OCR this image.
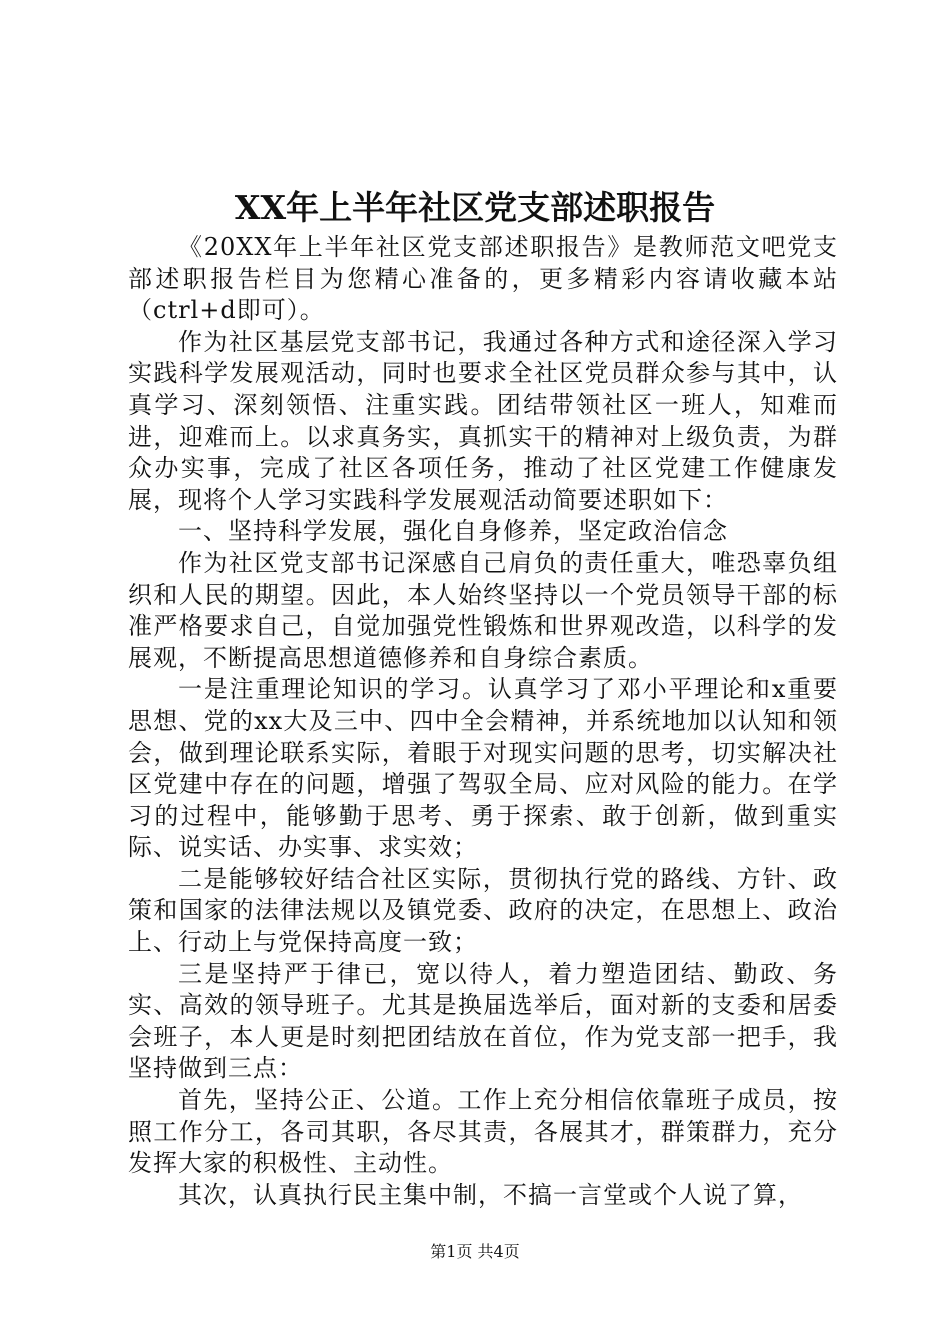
XX年上半年社区党支部述职报告

《20XX年上半年社区党支部述职报告》是教师范文吧党支部述职报告栏目为您精心准备的，更多精彩内容请收藏本站（ctrl+d即可）。

作为社区基层党支部书记，我通过各种方式和途径深入学习实践科学发展观活动，同时也要求全社区党员群众参与其中，认真学习、深刻领悟、注重实践。团结带领社区一班人，知难而进，迎难而上。以求真务实，真抓实干的精神对上级负责，为群众办实事，完成了社区各项任务，推动了社区党建工作健康发展，现将个人学习实践科学发展观活动简要述职如下：

一、坚持科学发展，强化自身修养，坚定政治信念

作为社区党支部书记深感自己肩负的责任重大，唯恐辜负组织和人民的期望。因此，本人始终坚持以一个党员领导干部的标准严格要求自己，自觉加强党性锻炼和世界观改造，以科学的发展观，不断提高思想道德修养和自身综合素质。

一是注重理论知识的学习。认真学习了邓小平理论和x重要思想、党的xx大及三中、四中全会精神，并系统地加以认知和领会，做到理论联系实际，着眼于对现实问题的思考，切实解决社区党建中存在的问题，增强了驾驭全局、应对风险的能力。在学习的过程中，能够勤于思考、勇于探索、敢于创新，做到重实际、说实话、办实事、求实效；

二是能够较好结合社区实际，贯彻执行党的路线、方针、政策和国家的法律法规以及镇党委、政府的决定，在思想上、政治上、行动上与党保持高度一致；

三是坚持严于律已，宽以待人，着力塑造团结、勤政、务实、高效的领导班子。尤其是换届选举后，面对新的支委和居委会班子，本人更是时刻把团结放在首位，作为党支部一把手，我坚持做到三点：

首先，坚持公正、公道。工作上充分相信依靠班子成员，按照工作分工，各司其职，各尽其责，各展其才，群策群力，充分发挥大家的积极性、主动性。

其次，认真执行民主集中制，不搞一言堂或个人说了算，

第1页 共4页
